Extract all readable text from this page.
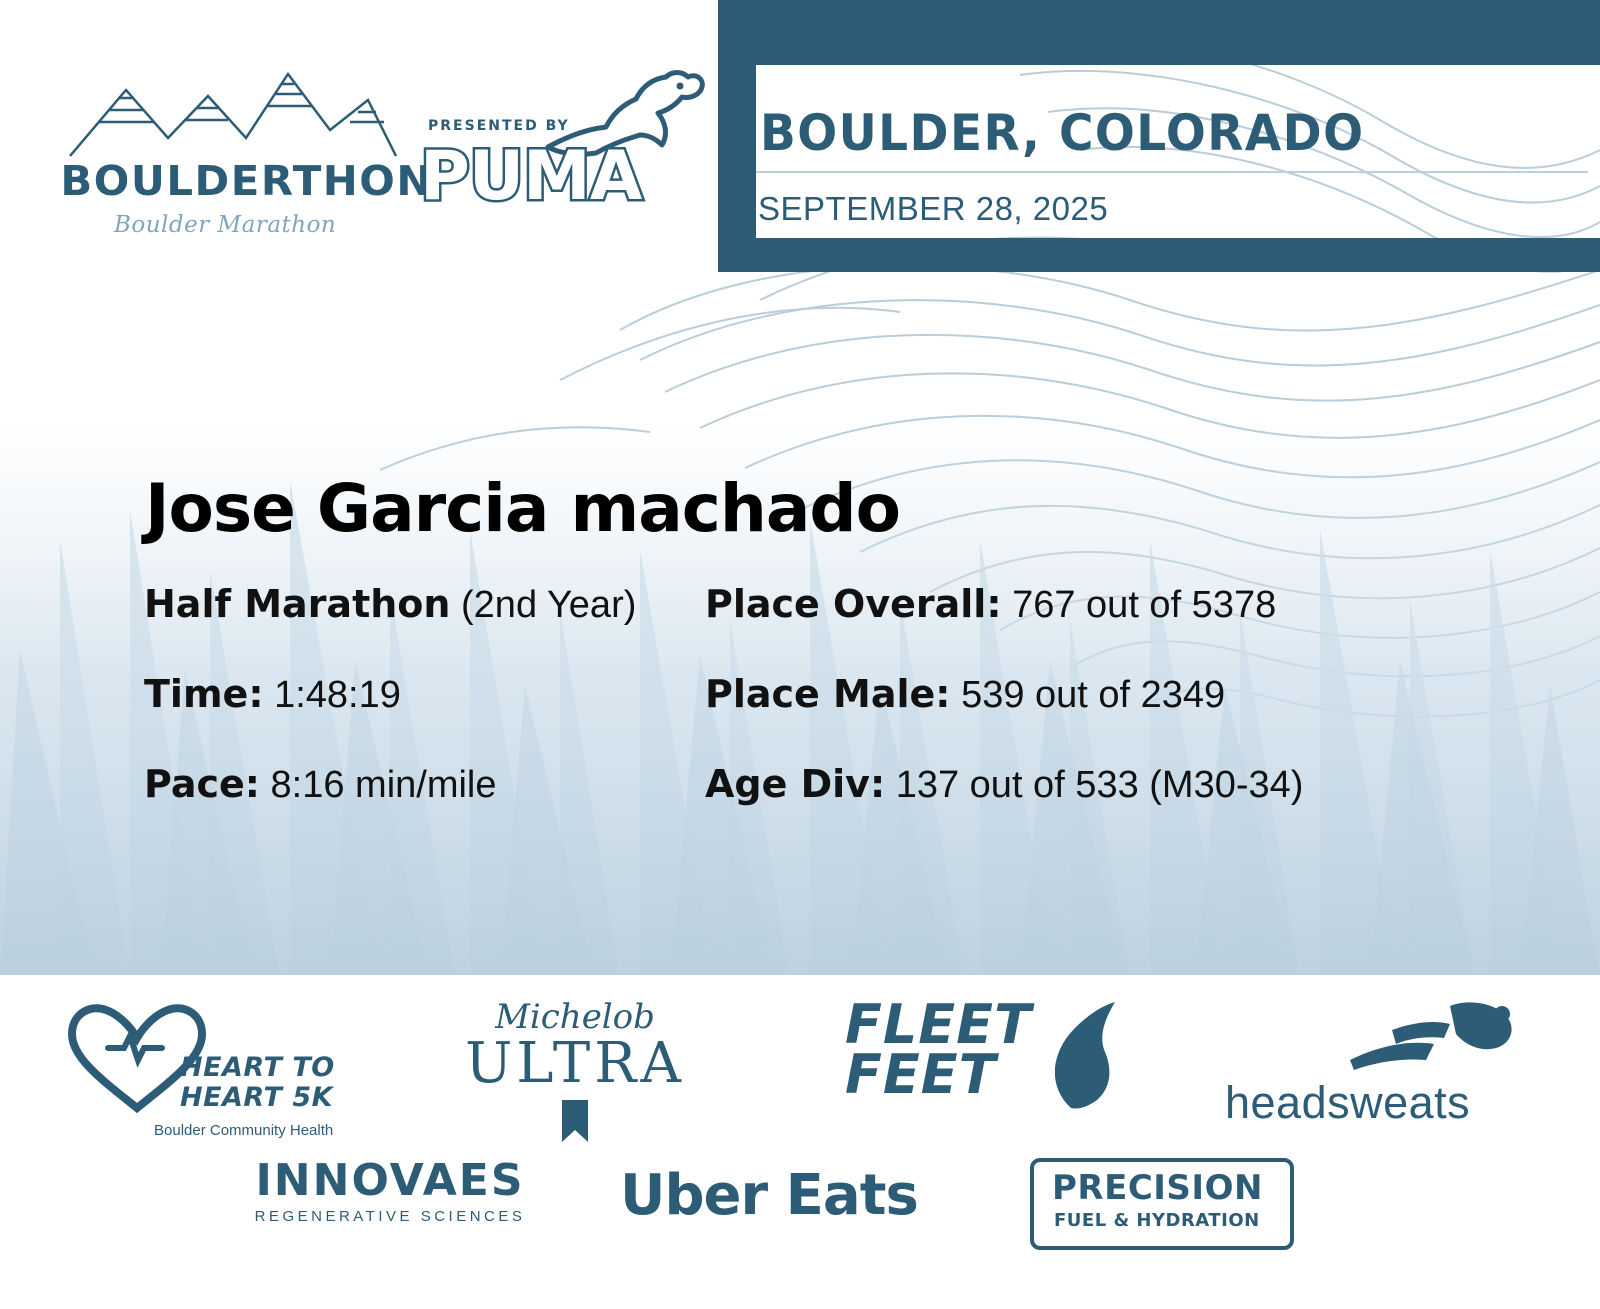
BOULDERTHON
Boulder Marathon
PRESENTED BY
PUMA
BOULDER, COLORADO
SEPTEMBER 28, 2025
Jose Garcia machado
Half Marathon (2nd Year)
Time: 1:48:19
Pace: 8:16 min/mile
Place Overall: 767 out of 5378
Place Male: 539 out of 2349
Age Div: 137 out of 533 (M30-34)
HEART TO
HEART 5K
Boulder Community Health
Michelob
ULTRA
FLEET
FEET	headsweats
INNOVAES
REGENERATIVE SCIENCES Uber Eats	PRECISION
FUEL & HYDRATION
